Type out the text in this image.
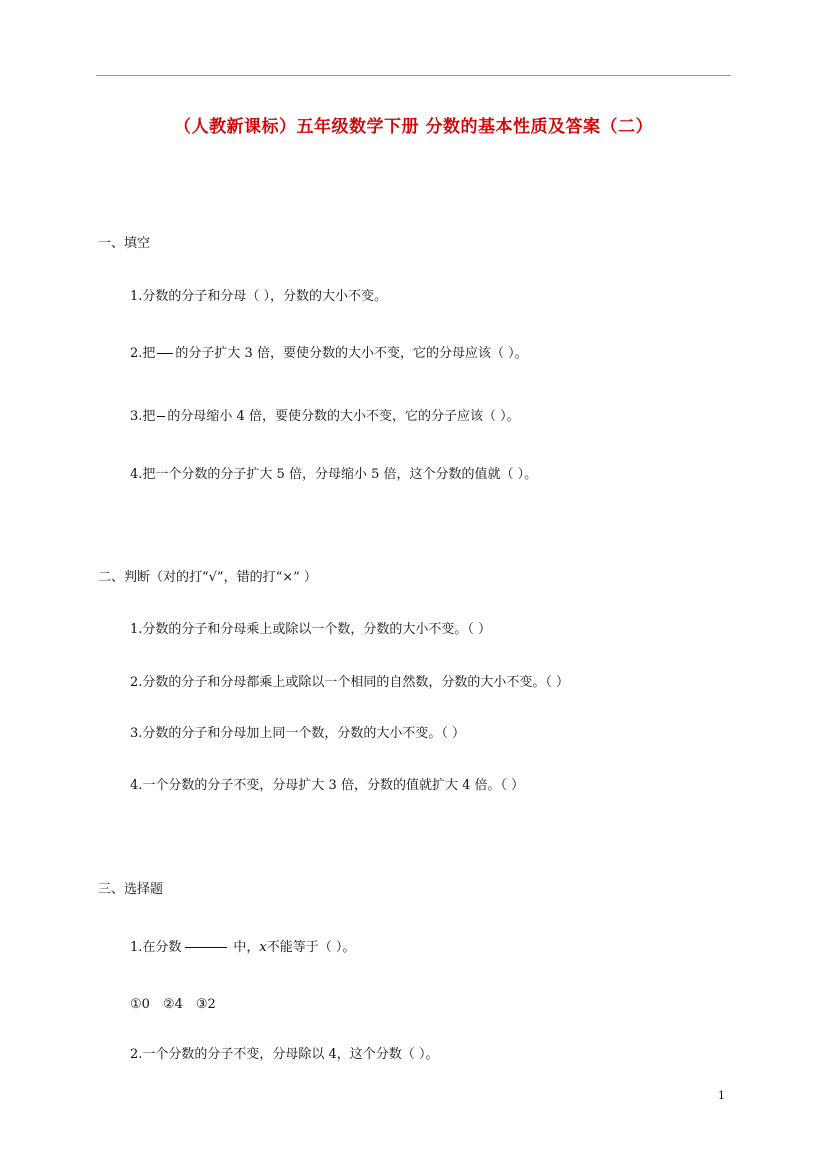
（人教新课标）五年级数学下册 分数的基本性质及答案（二）
一、填空
1.分数的分子和分母（ ），分数的大小不变。
2.把 的分子扩大 3 倍，要使分数的大小不变，它的分母应该（ ）。
3.把 的分母缩小 4 倍，要使分数的大小不变，它的分子应该（ ）。
4.把一个分数的分子扩大 5 倍，分母缩小 5 倍，这个分数的值就（ ）。
二、判断（对的打“√”，错的打“×” ）
1.分数的分子和分母乘上或除以一个数，分数的大小不变。（ ）
2.分数的分子和分母都乘上或除以一个相同的自然数，分数的大小不变。（ ）
3.分数的分子和分母加上同一个数，分数的大小不变。（ ）
4.一个分数的分子不变，分母扩大 3 倍，分数的值就扩大 4 倍。（ ）
三、选择题
1.在分数	中，x不能等于（ ）。
①0　②4　③2
2.一个分数的分子不变，分母除以 4，这个分数（ ）。
1
